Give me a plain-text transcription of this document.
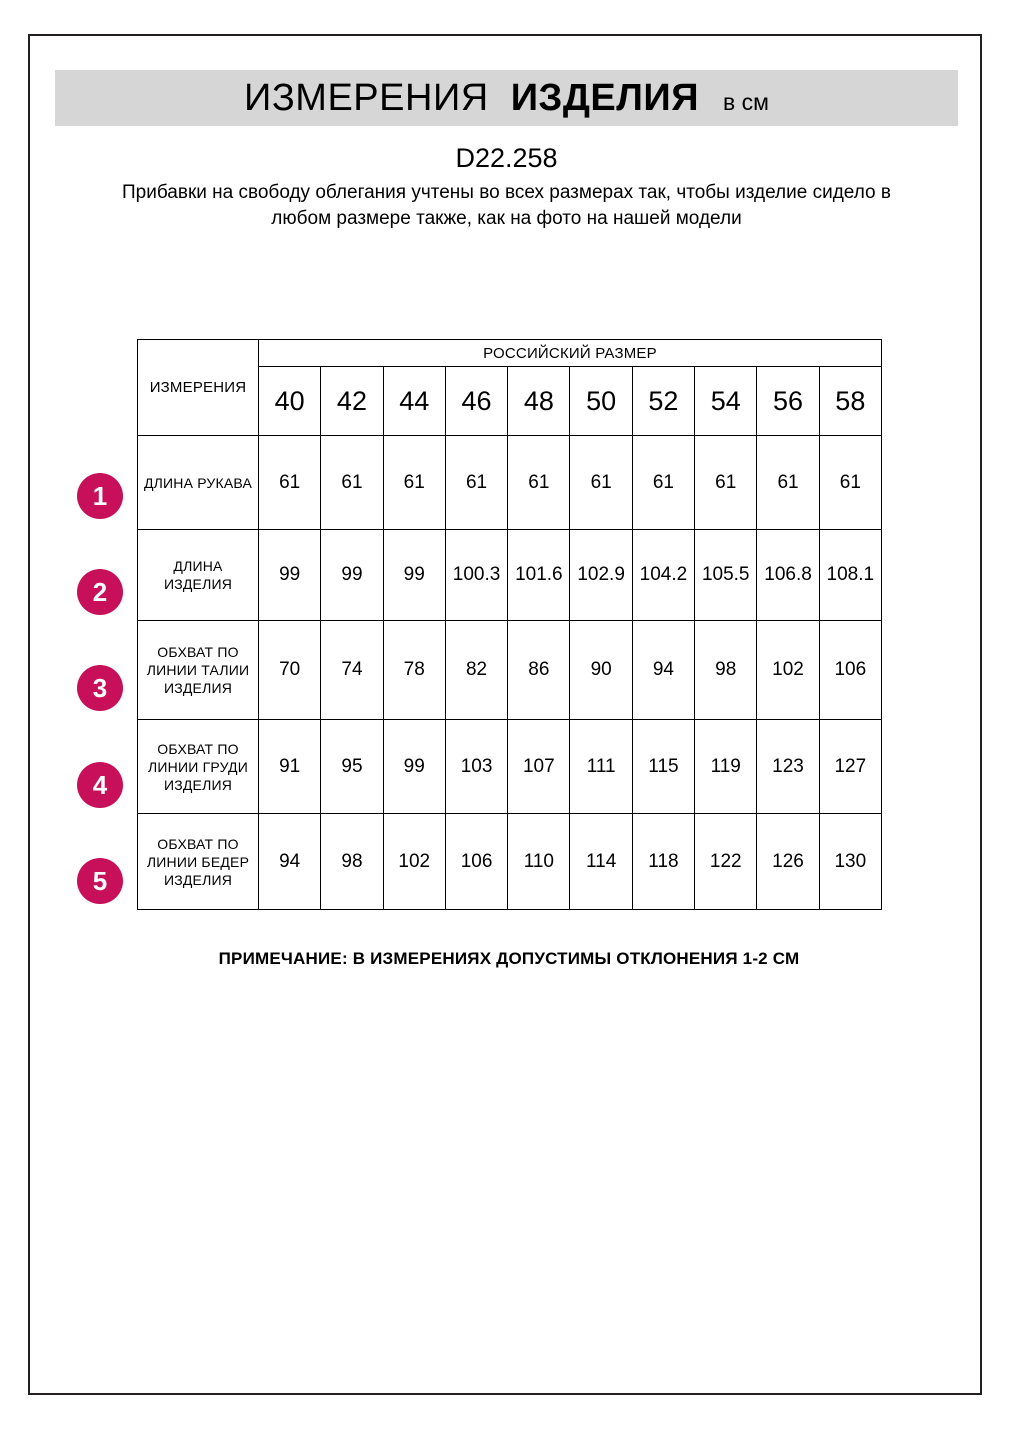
ИЗМЕРЕНИЯ ИЗДЕЛИЯ в см
D22.258
Прибавки на свободу облегания учтены во всех размерах так, чтобы изделие сидело в любом размере также, как на фото на нашей модели
ИЗМЕРЕНИЯ	РОССИЙСКИЙ РАЗМЕР									
	40	42	44	46	48	50	52	54	56	58
ДЛИНА РУКАВА	61	61	61	61	61	61	61	61	61	61
ДЛИНА ИЗДЕЛИЯ	99	99	99	100.3	101.6	102.9	104.2	105.5	106.8	108.1
ОБХВАТ ПО ЛИНИИ ТАЛИИ ИЗДЕЛИЯ	70	74	78	82	86	90	94	98	102	106
ОБХВАТ ПО ЛИНИИ ГРУДИ ИЗДЕЛИЯ	91	95	99	103	107	111	115	119	123	127
ОБХВАТ ПО ЛИНИИ БЕДЕР ИЗДЕЛИЯ	94	98	102	106	110	114	118	122	126	130
1
2
3
4
5
ПРИМЕЧАНИЕ: В ИЗМЕРЕНИЯХ ДОПУСТИМЫ ОТКЛОНЕНИЯ 1-2 СМ
